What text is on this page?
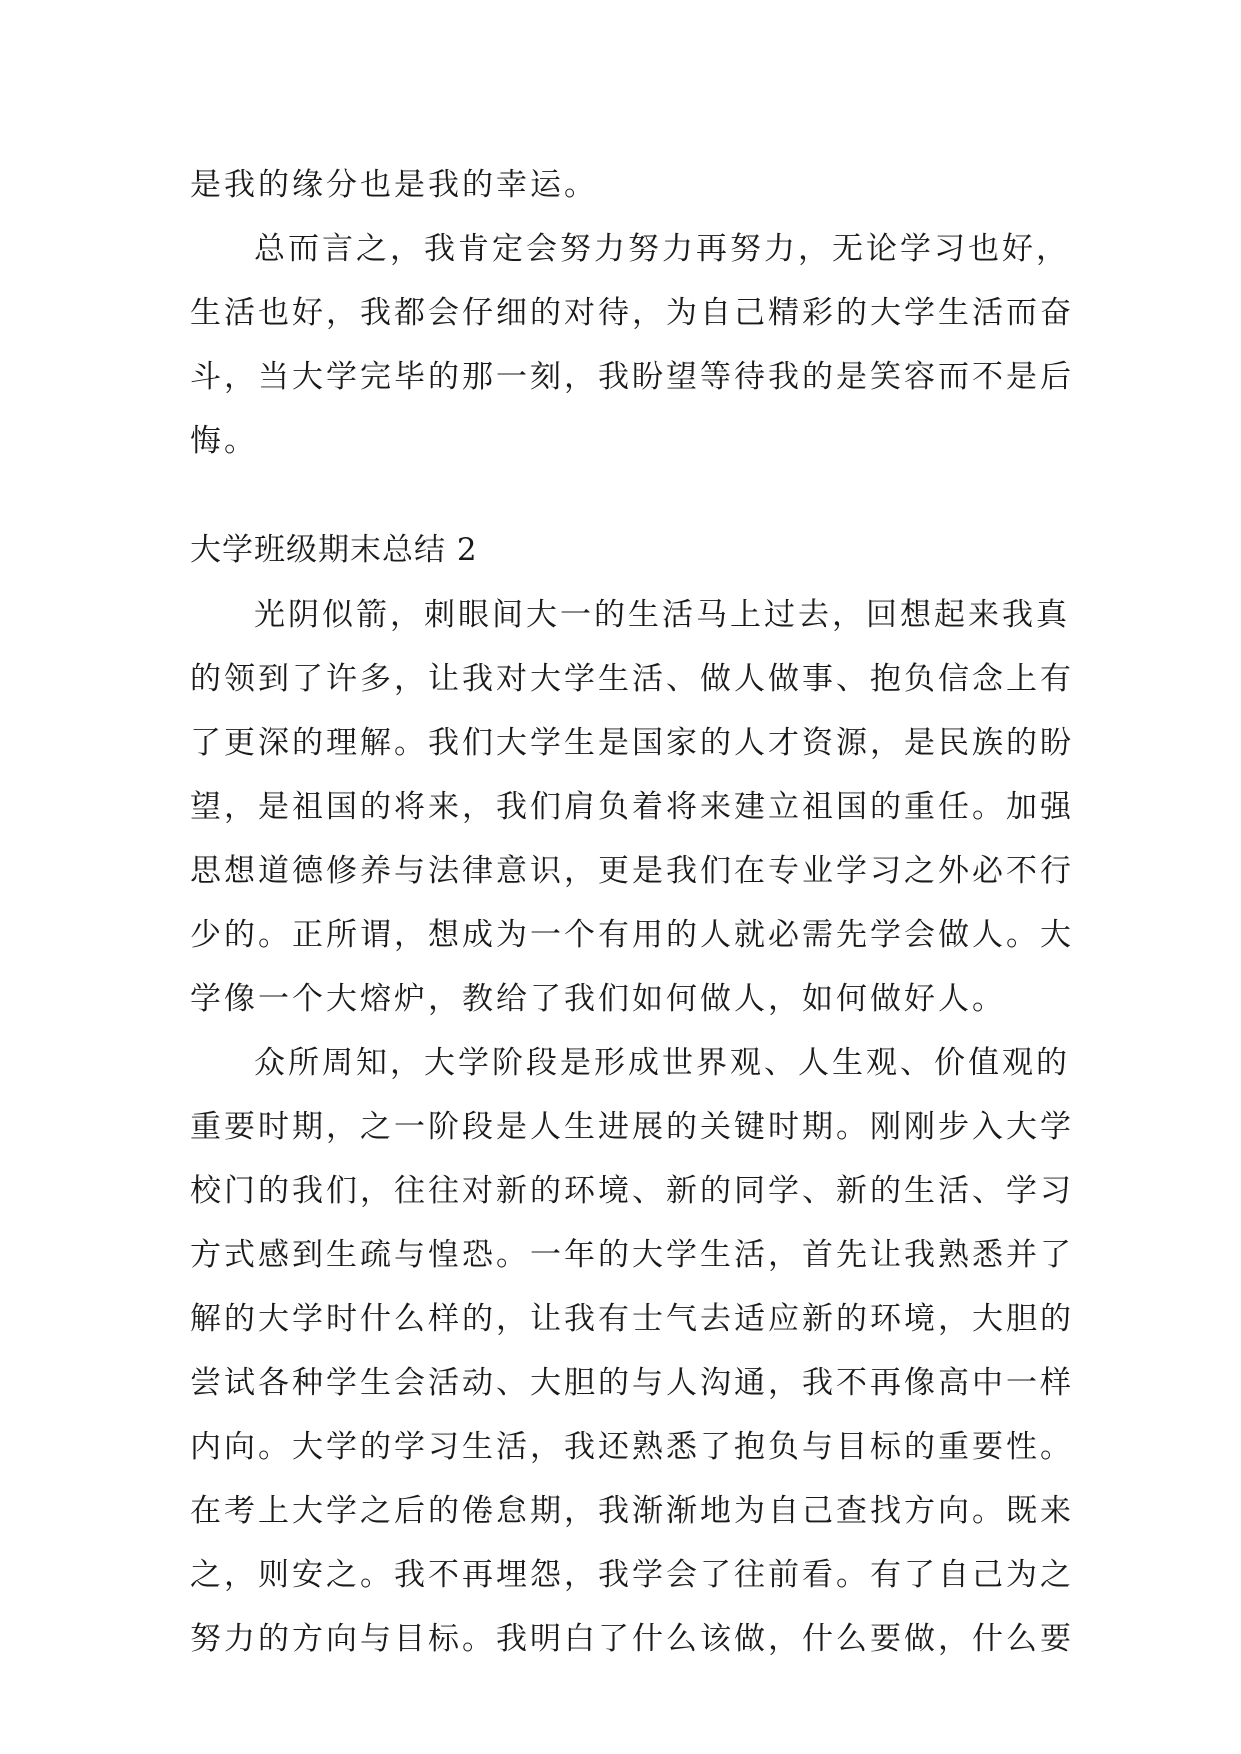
是我的缘分也是我的幸运。
总而言之，我肯定会努力努力再努力，无论学习也好，
生活也好，我都会仔细的对待，为自己精彩的大学生活而奋
斗，当大学完毕的那一刻，我盼望等待我的是笑容而不是后
悔。
大学班级期末总结 2
光阴似箭，刺眼间大一的生活马上过去，回想起来我真
的领到了许多，让我对大学生活、做人做事、抱负信念上有
了更深的理解。我们大学生是国家的人才资源，是民族的盼
望，是祖国的将来，我们肩负着将来建立祖国的重任。加强
思想道德修养与法律意识，更是我们在专业学习之外必不行
少的。正所谓，想成为一个有用的人就必需先学会做人。大
学像一个大熔炉，教给了我们如何做人，如何做好人。
众所周知，大学阶段是形成世界观、人生观、价值观的
重要时期，之一阶段是人生进展的关键时期。刚刚步入大学
校门的我们，往往对新的环境、新的同学、新的生活、学习
方式感到生疏与惶恐。一年的大学生活，首先让我熟悉并了
解的大学时什么样的，让我有士气去适应新的环境，大胆的
尝试各种学生会活动、大胆的与人沟通，我不再像高中一样
内向。大学的学习生活，我还熟悉了抱负与目标的重要性。
在考上大学之后的倦怠期，我渐渐地为自己查找方向。既来
之，则安之。我不再埋怨，我学会了往前看。有了自己为之
努力的方向与目标。我明白了什么该做，什么要做，什么要
